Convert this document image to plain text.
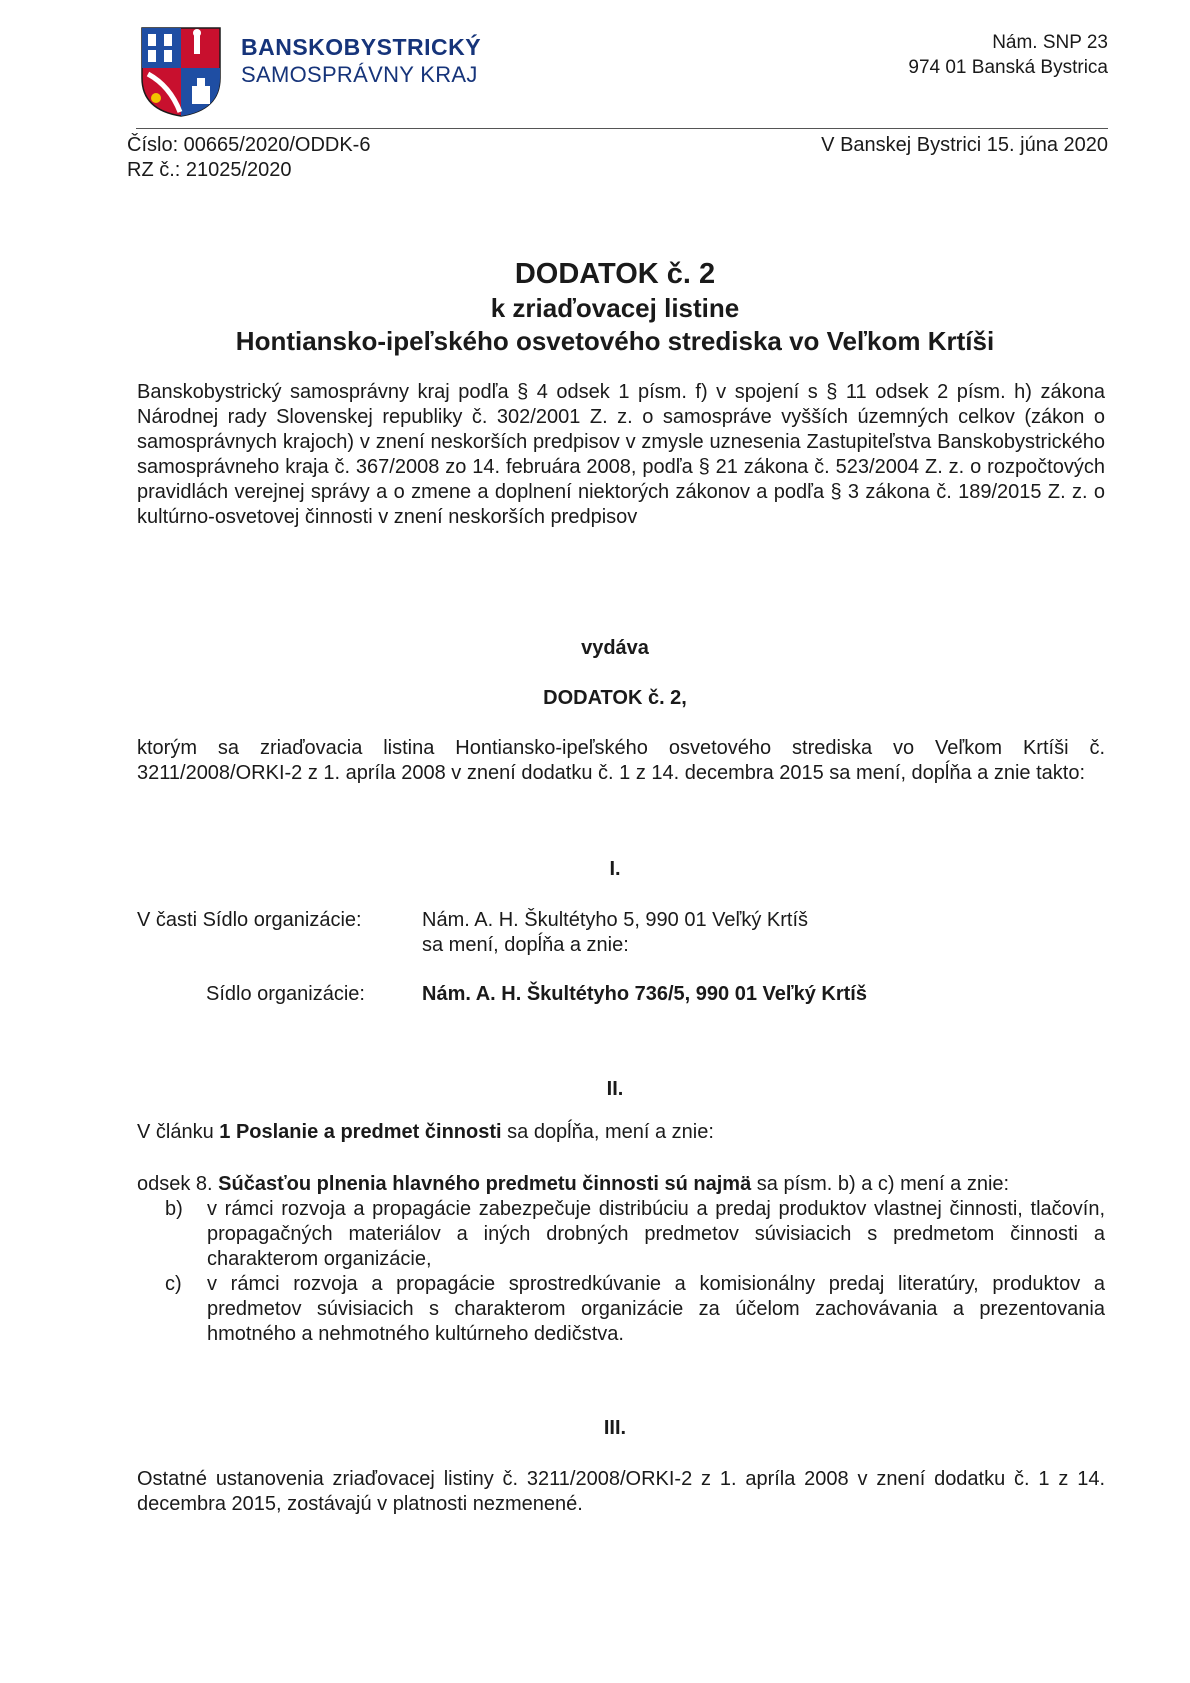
BANSKOBYSTRICKÝ
SAMOSPRÁVNY KRAJ
Nám. SNP 23
974 01 Banská Bystrica
Číslo: 00665/2020/ODDK-6
RZ č.: 21025/2020
V Banskej Bystrici 15. júna 2020
DODATOK č. 2
k zriaďovacej listine
Hontiansko-ipeľského osvetového strediska vo Veľkom Krtíši
Banskobystrický samosprávny kraj podľa § 4 odsek 1 písm. f) v spojení s § 11 odsek 2 písm. h) zákona Národnej rady Slovenskej republiky č. 302/2001 Z. z. o samospráve vyšších územných celkov (zákon o samosprávnych krajoch) v znení neskorších predpisov v zmysle uznesenia Zastupiteľstva Banskobystrického samosprávneho kraja č. 367/2008 zo 14. februára 2008, podľa § 21 zákona č. 523/2004 Z. z. o rozpočtových pravidlách verejnej správy a o zmene a doplnení niektorých zákonov a podľa § 3 zákona č. 189/2015 Z. z. o kultúrno-osvetovej činnosti v znení neskorších predpisov
vydáva
DODATOK č. 2,
ktorým sa zriaďovacia listina Hontiansko-ipeľského osvetového strediska vo Veľkom Krtíši č. 3211/2008/ORKI-2 z 1. apríla 2008 v znení dodatku č. 1 z 14. decembra 2015 sa mení, dopĺňa a znie takto:
I.
V časti Sídlo organizácie:	Nám. A. H. Škultétyho 5, 990 01 Veľký Krtíš
sa mení, dopĺňa a znie:
Sídlo organizácie:	Nám. A. H. Škultétyho 736/5, 990 01 Veľký Krtíš
II.
V článku 1 Poslanie a predmet činnosti sa dopĺňa, mení a znie:
odsek 8. Súčasťou plnenia hlavného predmetu činnosti sú najmä sa písm. b) a c) mení a znie:
b)	v rámci rozvoja a propagácie zabezpečuje distribúciu a predaj produktov vlastnej činnosti, tlačovín, propagačných materiálov a iných drobných predmetov súvisiacich s predmetom činnosti a charakterom organizácie,
c)	v rámci rozvoja a propagácie sprostredkúvanie a komisionálny predaj literatúry, produktov a predmetov súvisiacich s charakterom organizácie za účelom zachovávania a prezentovania hmotného a nehmotného kultúrneho dedičstva.
III.
Ostatné ustanovenia zriaďovacej listiny č. 3211/2008/ORKI-2 z 1. apríla 2008 v znení dodatku č. 1 z 14. decembra 2015, zostávajú v platnosti nezmenené.
